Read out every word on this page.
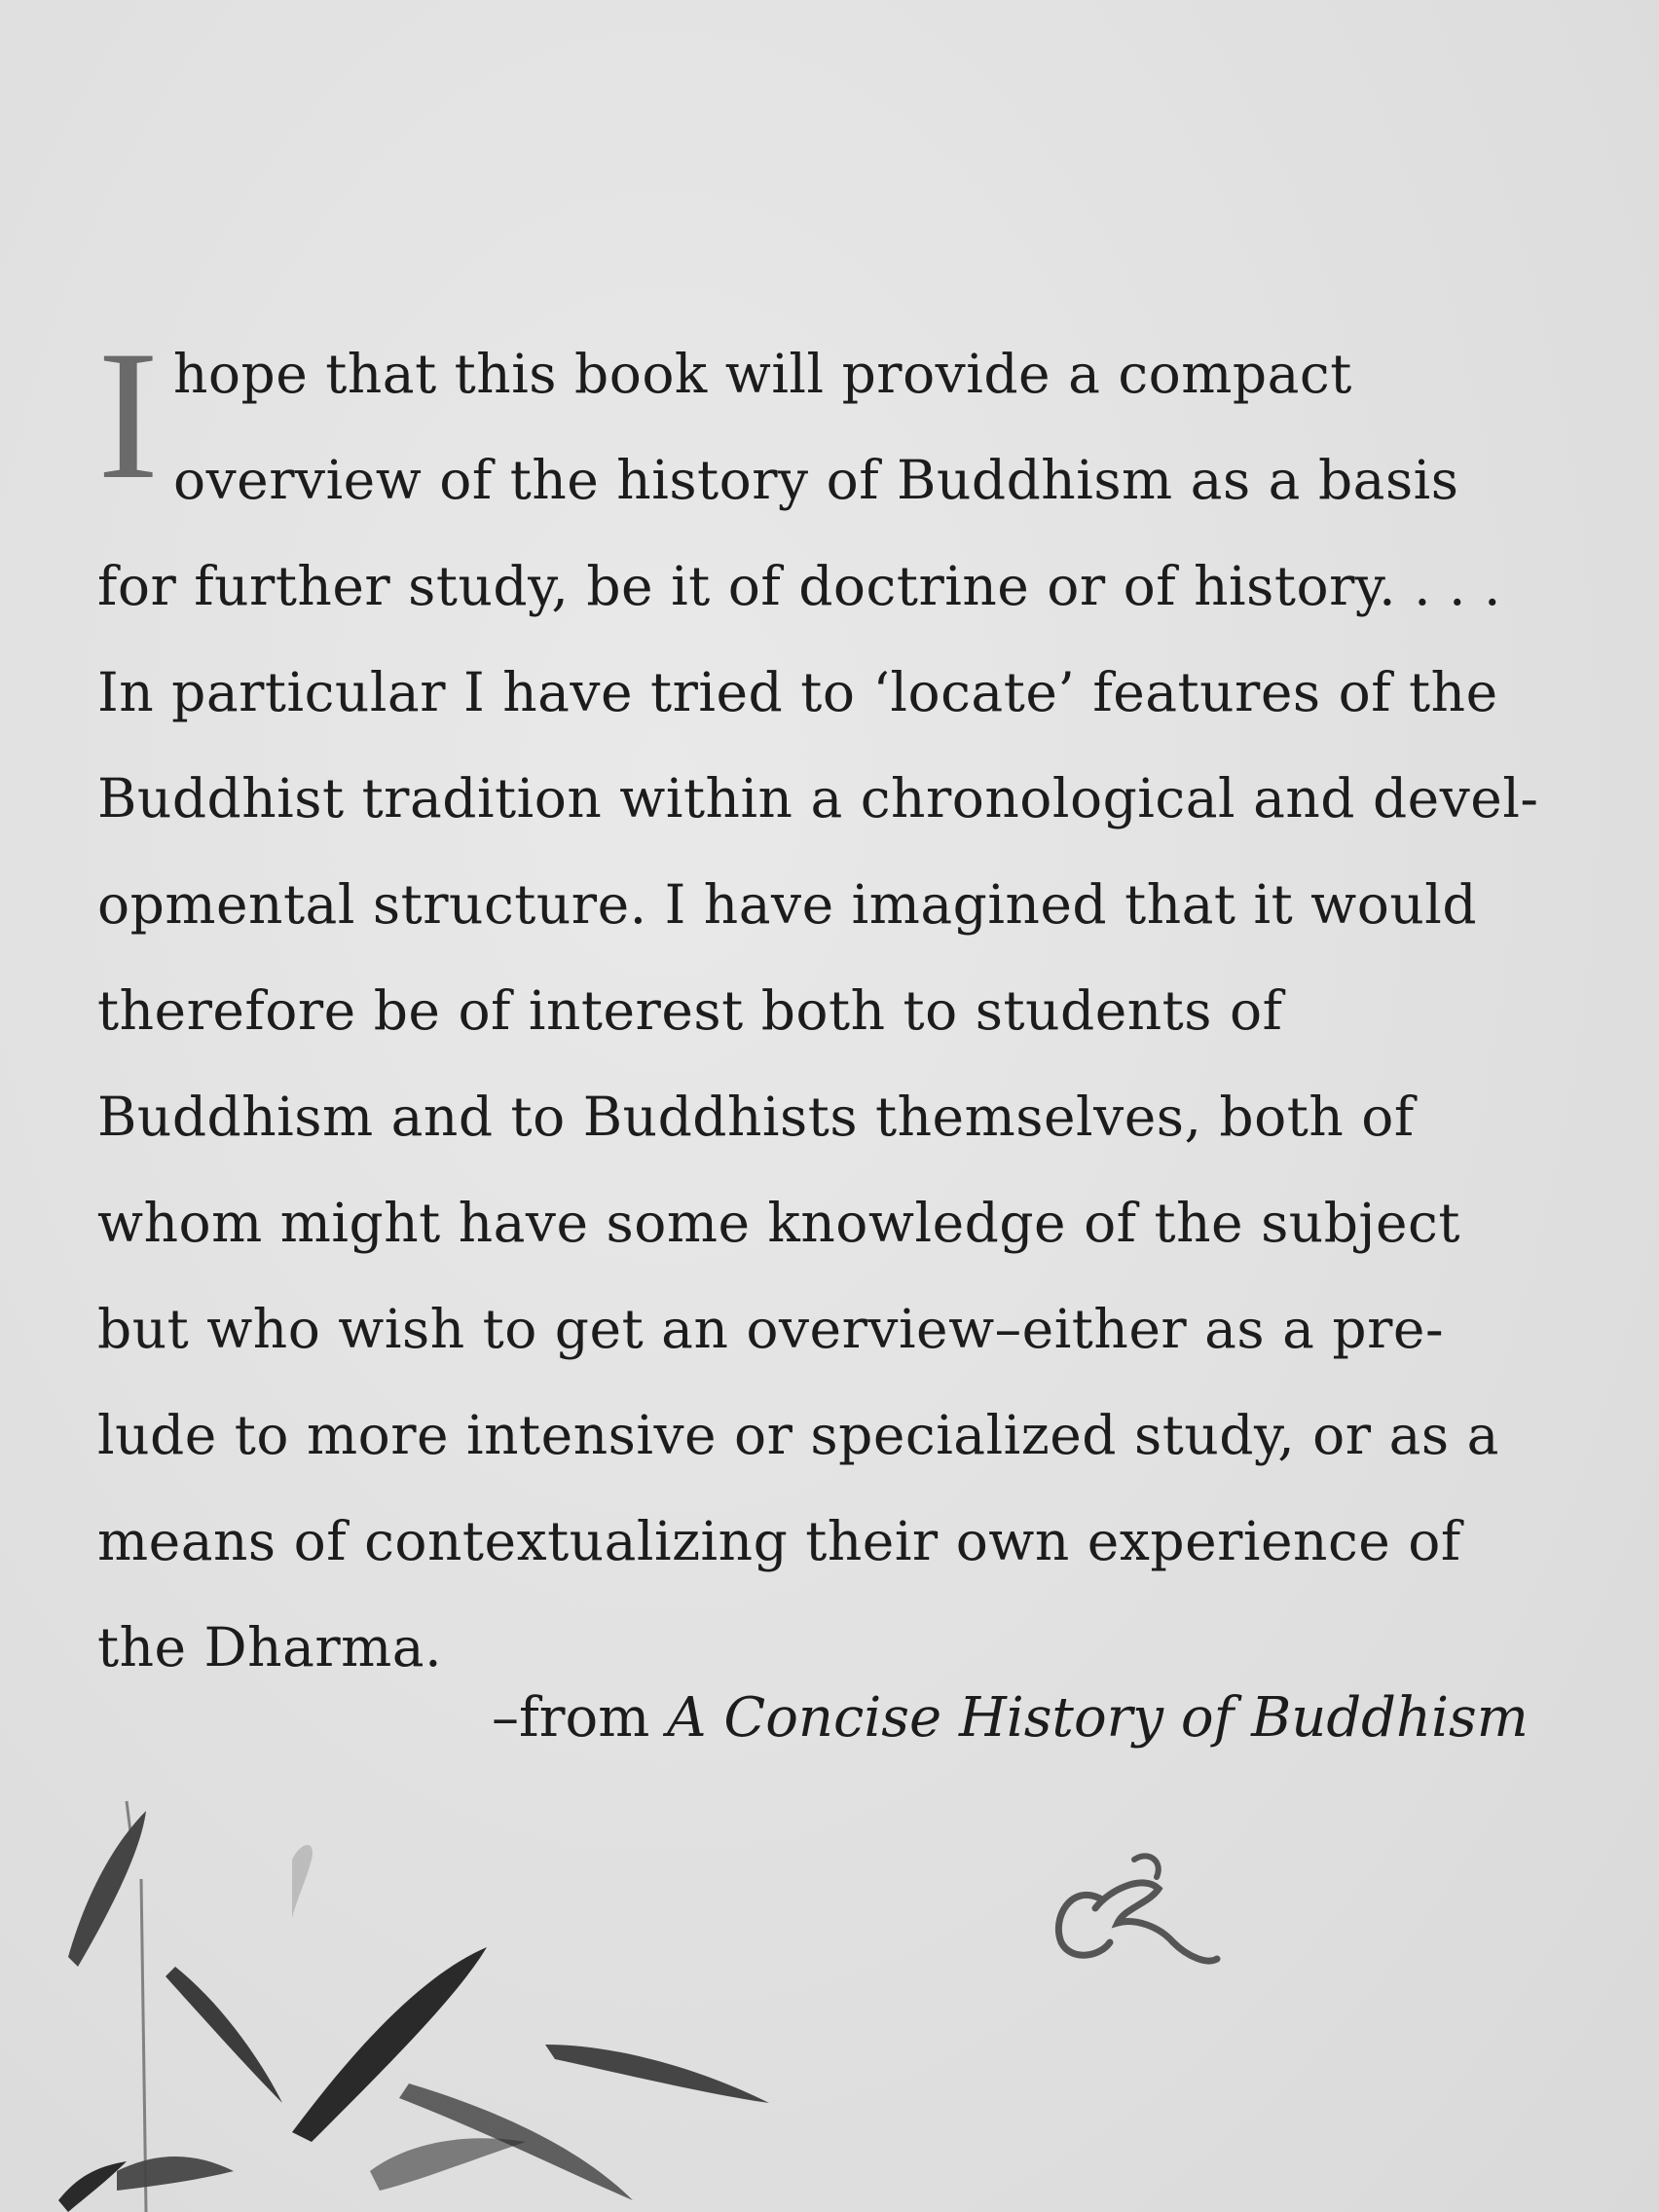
I hope that this book will provide a compact
overview of the history of Buddhism as a basis
for further study, be it of doctrine or of history. . . .
In particular I have tried to ‘locate’ features of the
Buddhist tradition within a chronological and devel-
opmental structure. I have imagined that it would
therefore be of interest both to students of
Buddhism and to Buddhists themselves, both of
whom might have some knowledge of the subject
but who wish to get an overview–either as a pre-
lude to more intensive or specialized study, or as a
means of contextualizing their own experience of
the Dharma.
–from A Concise History of Buddhism
